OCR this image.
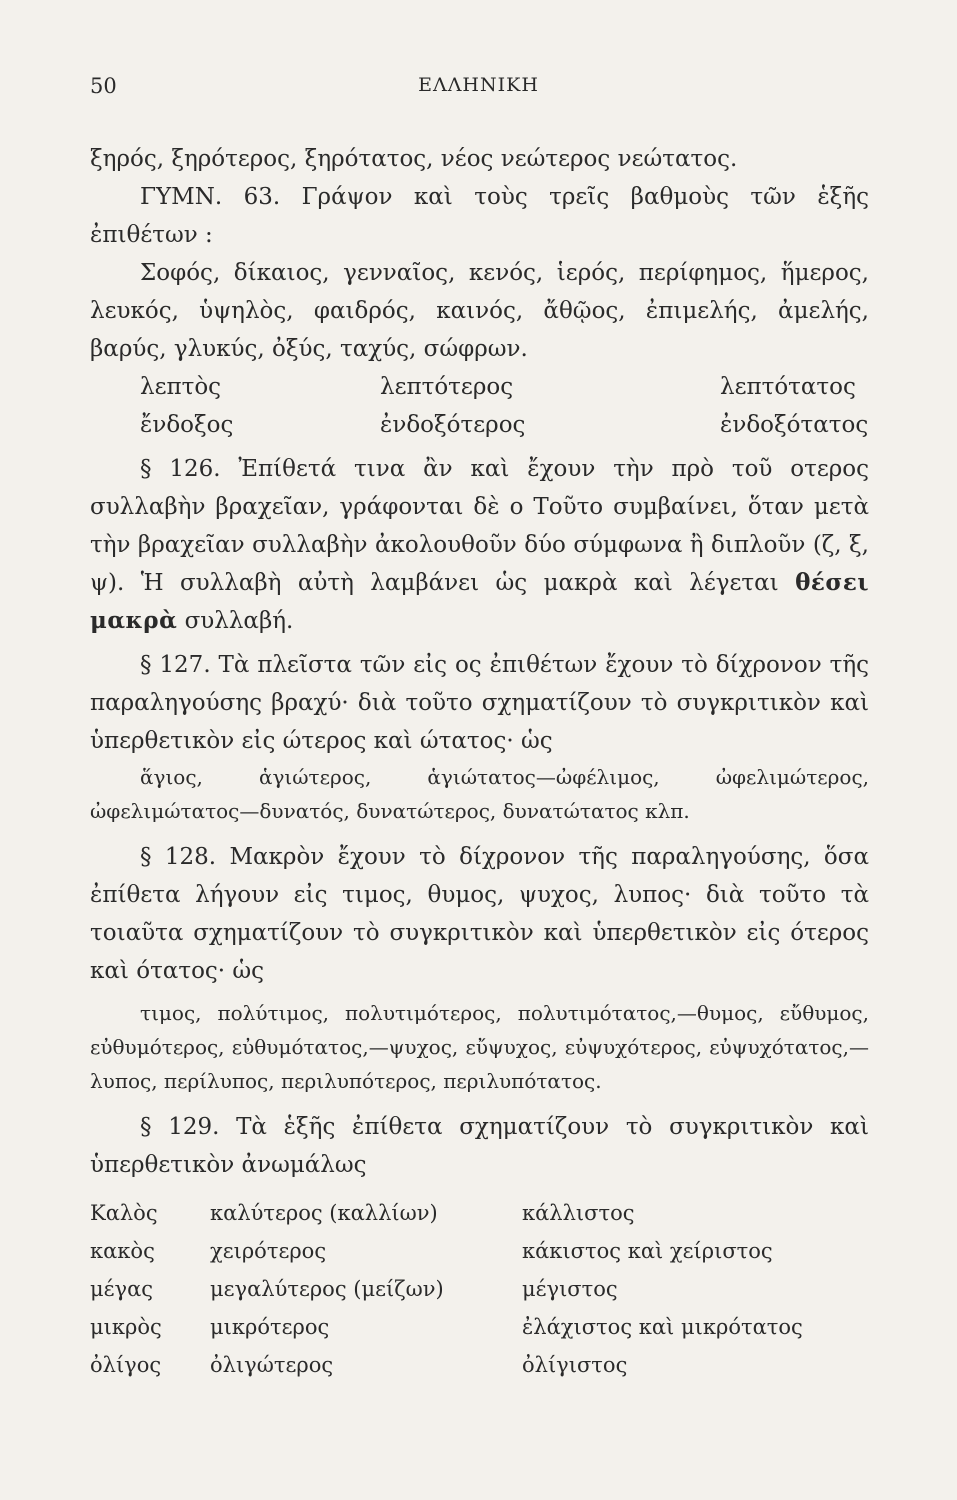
50	ΕΛΛΗΝΙΚΗ

ξηρός, ξηρότερος, ξηρότατος, νέος νεώτερος νεώτατος.

ΓΥΜΝ. 63. Γράψον καὶ τοὺς τρεῖς βαθμοὺς τῶν ἑξῆς ἐπιθέτων :

Σοφός, δίκαιος, γενναῖος, κενός, ἱερός, περίφημος, ἥμερος, λευκός, ὑψηλὸς, φαιδρός, καινός, ἄθῷος, ἐπιμελής, ἀμελής, βαρύς, γλυκύς, ὀξύς, ταχύς, σώφρων.

λεπτὸς	λεπτότερος	λεπτότατος
ἔνδοξος	ἐνδοξότερος	ἐνδοξότατος

§ 126. Ἐπίθετά τινα ἂν καὶ ἔχουν τὴν πρὸ τοῦ οτερος συλλαβὴν βραχεῖαν, γράφονται δὲ ο Τοῦτο συμβαίνει, ὅταν μετὰ τὴν βραχεῖαν συλλαβὴν ἀκολουθοῦν δύο σύμφωνα ἢ διπλοῦν (ζ, ξ, ψ). Ἡ συλλαβὴ αὐτὴ λαμβάνει ὡς μακρὰ καὶ λέγεται θέσει μακρὰ συλλαβή.

§ 127. Τὰ πλεῖστα τῶν εἰς ος ἐπιθέτων ἔχουν τὸ δίχρονον τῆς παραληγούσης βραχύ· διὰ τοῦτο σχηματίζουν τὸ συγκριτικὸν καὶ ὑπερθετικὸν εἰς ώτερος καὶ ώτατος· ὡς

ἅγιος, ἁγιώτερος, ἁγιώτατος—ὠφέλιμος, ὠφελιμώτερος, ὠφελιμώτατος—δυνατός, δυνατώτερος, δυνατώτατος κλπ.

§ 128. Μακρὸν ἔχουν τὸ δίχρονον τῆς παραληγούσης, ὅσα ἐπίθετα λήγουν εἰς τιμος, θυμος, ψυχος, λυπος· διὰ τοῦτο τὰ τοιαῦτα σχηματίζουν τὸ συγκριτικὸν καὶ ὑπερθετικὸν εἰς ότερος καὶ ότατος· ὡς

τιμος, πολύτιμος, πολυτιμότερος, πολυτιμότατος,—θυμος, εὔθυμος, εὐθυμότερος, εὐθυμότατος,—ψυχος, εὔψυχος, εὐψυχότερος, εὐψυχότατος,—λυπος, περίλυπος, περιλυπότερος, περιλυπότατος.

§ 129. Τὰ ἑξῆς ἐπίθετα σχηματίζουν τὸ συγκριτικὸν καὶ ὑπερθετικὸν ἀνωμάλως

Καλὸς	καλύτερος (καλλίων)	κάλλιστος
κακὸς	χειρότερος	κάκιστος καὶ χείριστος
μέγας	μεγαλύτερος (μείζων)	μέγιστος
μικρὸς	μικρότερος	ἐλάχιστος καὶ μικρότατος
ὀλίγος	ὀλιγώτερος	ὀλίγιστος
